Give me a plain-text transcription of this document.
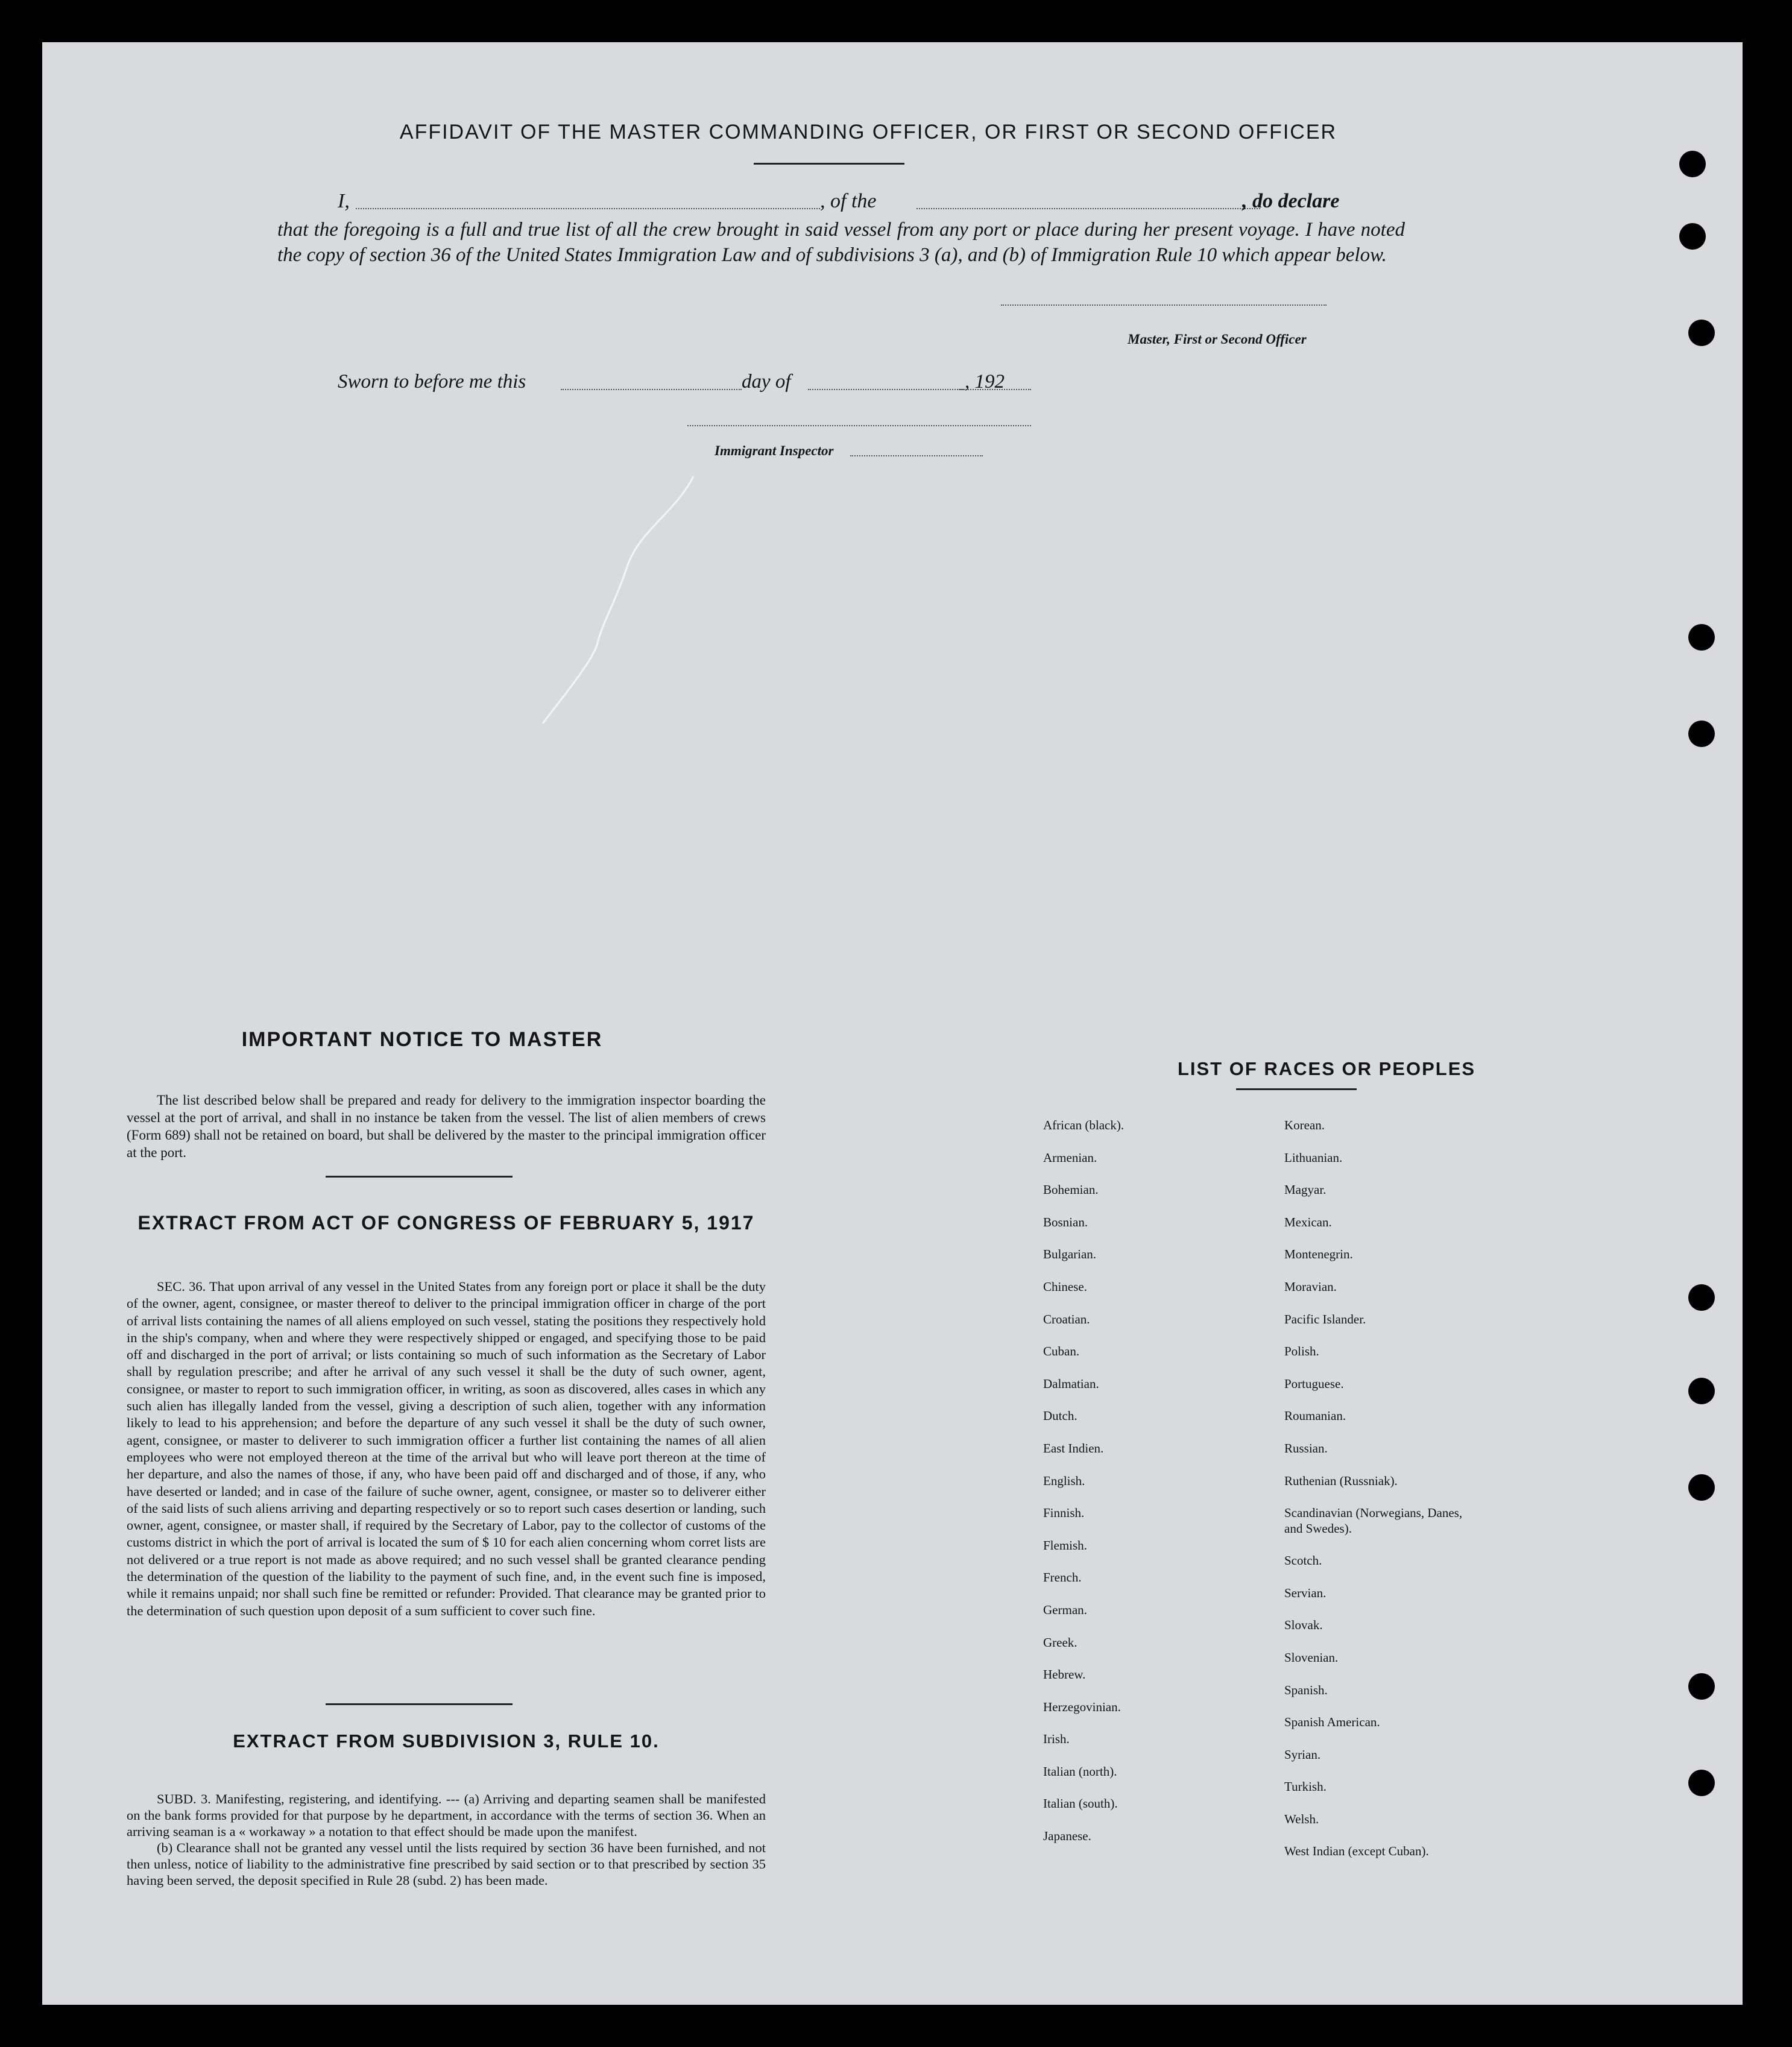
AFFIDAVIT OF THE MASTER COMMANDING OFFICER, OR FIRST OR SECOND OFFICER
I,	, of the	, do declare
that the foregoing is a full and true list of all the crew brought in said vessel from any port or place during her present voyage. I have noted the copy of section 36 of the United States Immigration Law and of subdivisions 3 (a), and (b) of Immigration Rule 10 which appear below.
Master, First or Second Officer
Sworn to before me this	day of	, 192
Immigrant Inspector
IMPORTANT NOTICE TO MASTER
The list described below shall be prepared and ready for delivery to the immigration inspector boarding the vessel at the port of arrival, and shall in no instance be taken from the vessel. The list of alien members of crews (Form 689) shall not be retained on board, but shall be delivered by the master to the principal immigration officer at the port.
EXTRACT FROM ACT OF CONGRESS OF FEBRUARY 5, 1917
SEC. 36. That upon arrival of any vessel in the United States from any foreign port or place it shall be the duty of the owner, agent, consignee, or master thereof to deliver to the principal immigration officer in charge of the port of arrival lists containing the names of all aliens employed on such vessel, stating the positions they respectively hold in the ship's company, when and where they were respectively shipped or engaged, and specifying those to be paid off and discharged in the port of arrival; or lists containing so much of such information as the Secretary of Labor shall by regulation prescribe; and after he arrival of any such vessel it shall be the duty of such owner, agent, consignee, or master to report to such immigration officer, in writing, as soon as discovered, alles cases in which any such alien has illegally landed from the vessel, giving a description of such alien, together with any information likely to lead to his apprehension; and before the departure of any such vessel it shall be the duty of such owner, agent, consignee, or master to deliverer to such immigration officer a further list containing the names of all alien employees who were not employed thereon at the time of the arrival but who will leave port thereon at the time of her departure, and also the names of those, if any, who have been paid off and discharged and of those, if any, who have deserted or landed; and in case of the failure of suche owner, agent, consignee, or master so to deliverer either of the said lists of such aliens arriving and departing respectively or so to report such cases desertion or landing, such owner, agent, consignee, or master shall, if required by the Secretary of Labor, pay to the collector of customs of the customs district in which the port of arrival is located the sum of $ 10 for each alien concerning whom corret lists are not delivered or a true report is not made as above required; and no such vessel shall be granted clearance pending the determination of the question of the liability to the payment of such fine, and, in the event such fine is imposed, while it remains unpaid; nor shall such fine be remitted or refunder: Provided. That clearance may be granted prior to the determination of such question upon deposit of a sum sufficient to cover such fine.
EXTRACT FROM SUBDIVISION 3, RULE 10.

SUBD. 3. Manifesting, registering, and identifying. --- (a) Arriving and departing seamen shall be manifested on the bank forms provided for that purpose by he department, in accordance with the terms of section 36. When an arriving seaman is a « workaway » a notation to that effect should be made upon the manifest.

(b) Clearance shall not be granted any vessel until the lists required by section 36 have been furnished, and not then unless, notice of liability to the administrative fine prescribed by said section or to that prescribed by section 35 having been served, the deposit specified in Rule 28 (subd. 2) has been made.

LIST OF RACES OR PEOPLES
African (black).
Armenian.
Bohemian.
Bosnian.
Bulgarian.
Chinese.
Croatian.
Cuban.
Dalmatian.
Dutch.
East Indien.
English.
Finnish.
Flemish.
French.
German.
Greek.
Hebrew.
Herzegovinian.
Irish.
Italian (north).
Italian (south).
Japanese.
Korean.
Lithuanian.
Magyar.
Mexican.
Montenegrin.
Moravian.
Pacific Islander.
Polish.
Portuguese.
Roumanian.
Russian.
Ruthenian (Russniak).
Scandinavian (Norwegians, Danes, and Swedes).
Scotch.
Servian.
Slovak.
Slovenian.
Spanish.
Spanish American.
Syrian.
Turkish.
Welsh.
West Indian (except Cuban).
